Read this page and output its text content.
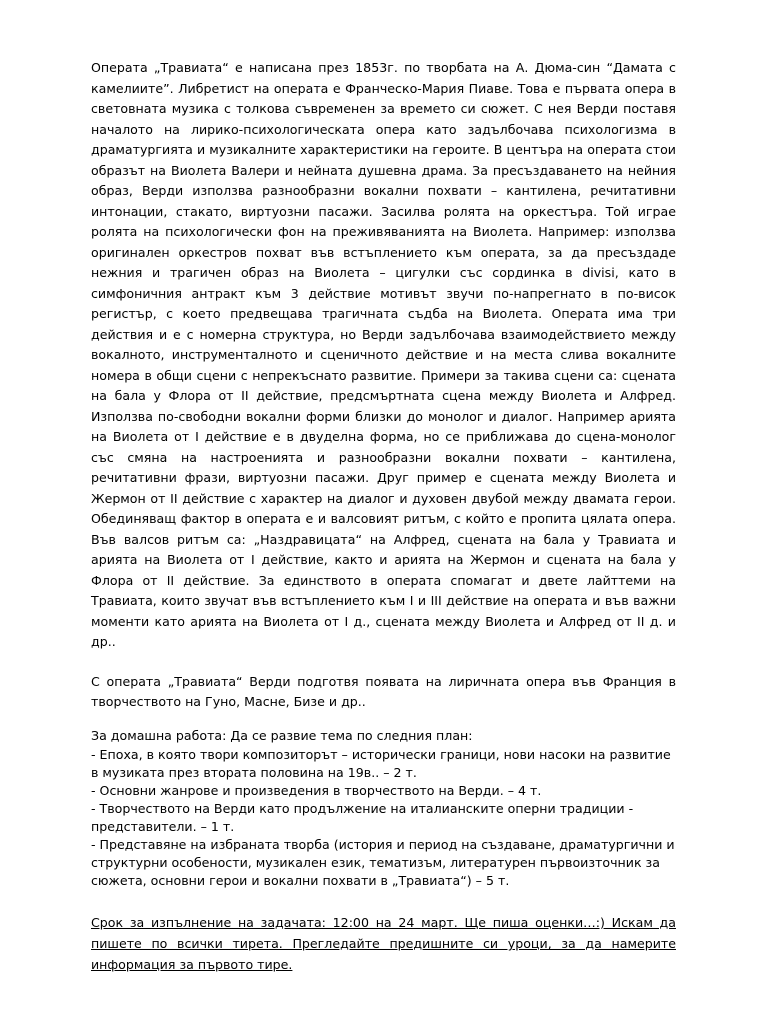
Операта „Травиата“ е написана през 1853г. по творбата на А. Дюма-син “Дамата с камелиите”. Либретист на операта е Франческо-Мария Пиаве. Това е първата опера в световната музика с толкова съвременен за времето си сюжет. С нея Верди поставя началото на лирико-психологическата опера като задълбочава психологизма в драматургията и музикалните характеристики на героите. В центъра на операта стои образът на Виолета Валери и нейната душевна драма. За пресъздаването на нейния образ, Верди използва разнообразни вокални похвати – кантилена, речитативни интонации, стакато, виртуозни пасажи. Засилва ролята на оркестъра. Той играе ролята на психологически фон на преживяванията на Виолета. Например: използва оригинален оркестров похват във встъплението към операта, за да пресъздаде нежния и трагичен образ на Виолета – цигулки със сординка в divisi, като в симфоничния антракт към 3 действие мотивът звучи по-напрегнато в по-висок регистър, с което предвещава трагичната съдба на Виолета. Операта има три действия и е с номерна структура, но Верди задълбочава взаимодействието между вокалното, инструменталното и сценичното действие и на места слива вокалните номера в общи сцени с непрекъснато развитие. Примери за такива сцени са: сцената на бала у Флора от II действие, предсмъртната сцена между Виолета и Алфред. Използва по-свободни вокални форми близки до монолог и диалог. Например арията на Виолета от I действие е в двуделна форма, но се приближава до сцена-монолог със смяна на настроенията и разнообразни вокални похвати – кантилена, речитативни фрази, виртуозни пасажи. Друг пример е сцената между Виолета и Жермон от II действие с характер на диалог и духовен двубой между двамата герои. Обединяващ фактор в операта е и валсовият ритъм, с който е пропита цялата опера. Във валсов ритъм са: „Наздравицата“ на Алфред, сцената на бала у Травиата и арията на Виолета от I действие, както и арията на Жермон и сцената на бала у Флора от II действие. За единството в операта спомагат и двете лайттеми на Травиата, които звучат във встъплението към I и III действие на операта и във важни моменти като арията на Виолета от I д., сцената между Виолета и Алфред от II д. и др..

С операта „Травиата“ Верди подготвя появата на лиричната опера във Франция в творчеството на Гуно, Масне, Бизе и др..

За домашна работа: Да се развие тема по следния план:

- Епоха, в която твори композиторът – исторически граници, нови насоки на развитие в музиката през втората половина на 19в.. – 2 т.
- Основни жанрове и произведения в творчеството на Верди. – 4 т.
- Творчеството на Верди като продължение на италианските оперни традиции - представители. – 1 т.
- Представяне на избраната творба (история и период на създаване, драматургични и структурни особености, музикален език, тематизъм, литературен първоизточник за сюжета, основни герои и вокални похвати в „Травиата“) – 5 т.

Срок за изпълнение на задачата: 12:00 на 24 март. Ще пиша оценки…:) Искам да пишете по всички тирета. Прегледайте предишните си уроци, за да намерите информация за първото тире.
